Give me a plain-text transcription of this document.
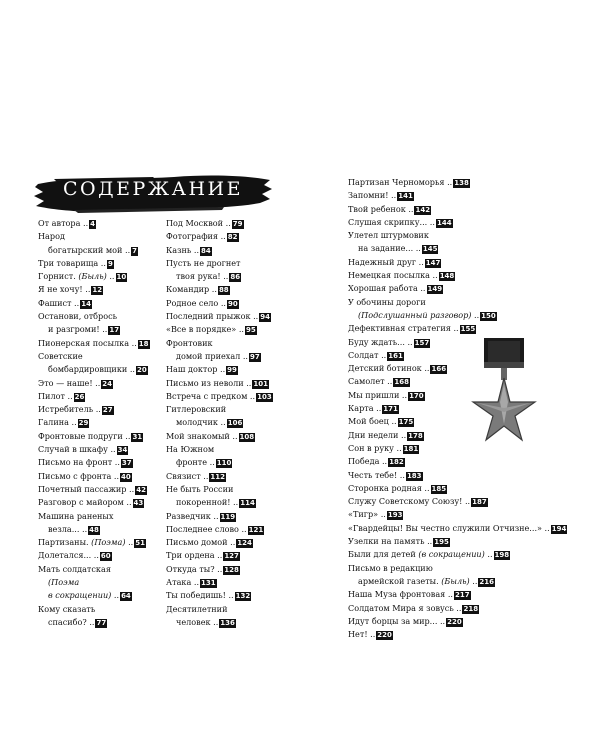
СОДЕРЖАНИЕ
От автора .. 4
Народ
богатырский мой .. 7
Три товарища .. 9
Горнист. (Быль) .. 10
Я не хочу! .. 12
Фашист .. 14
Останови, отбрось
и разгроми! .. 17
Пионерская посылка .. 18
Советские
бомбардировщики .. 20
Это — наше! .. 24
Пилот .. 26
Истребитель .. 27
Галина .. 29
Фронтовые подруги .. 31
Случай в шкафу .. 34
Письмо на фронт .. 37
Письмо с фронта .. 40
Почетный пассажир .. 42
Разговор с майором .. 43
Машина раненых
везла... .. 48
Партизаны. (Поэма) .. 51
Долетался... .. 60
Мать солдатская
(Поэма
в сокращении) .. 64
Кому сказать
спасибо? .. 77
Под Москвой .. 79
Фотография .. 82
Казнь .. 84
Пусть не дрогнет
твоя рука! .. 86
Командир .. 88
Родное село .. 90
Последний прыжок .. 94
«Все в порядке» .. 95
Фронтовик
домой приехал .. 97
Наш доктор .. 99
Письмо из неволи .. 101
Встреча с предком .. 103
Гитлеровский
молодчик .. 106
Мой знакомый .. 108
На Южном
фронте .. 110
Связист .. 112
Не быть России
покоренной! .. 114
Разведчик .. 119
Последнее слово .. 121
Письмо домой .. 124
Три ордена .. 127
Откуда ты? .. 128
Атака .. 131
Ты победишь! .. 132
Десятилетний
человек .. 136
Партизан Черноморья .. 138
Запомни! .. 141
Твой ребенок .. 142
Слушая скрипку... .. 144
Улетел штурмовик
на задание... .. 145
Надежный друг .. 147
Немецкая посылка .. 148
Хорошая работа .. 149
У обочины дороги
(Подслушанный разговор) .. 150
Дефективная стратегия .. 155
Буду ждать... .. 157
Солдат .. 161
Детский ботинок .. 166
Самолет .. 168
Мы пришли .. 170
Карта .. 171
Мой боец .. 175
Дни недели .. 178
Сон в руку .. 181
Победа .. 182
Честь тебе! .. 183
Сторонка родная .. 185
Служу Советскому Союзу! .. 187
«Тигр» .. 193
«Гвардейцы! Вы честно служили Отчизне...» .. 194
Узелки на память .. 195
Были для детей (в сокращении) .. 198
Письмо в редакцию
армейской газеты. (Быль) .. 216
Наша Муза фронтовая .. 217
Солдатом Мира я зовусь .. 218
Идут борцы за мир... .. 220
Нет! .. 220
